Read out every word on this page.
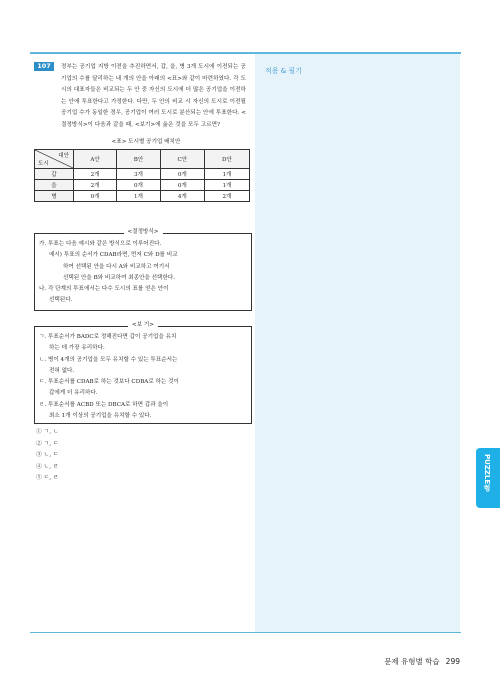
적용 & 필기
107	정부는 공기업 지방 이전을 추진하면서, 갑, 을, 병 3개 도시에 이전되는 공기업의 수를 달리하는 네 개의 안을 아래의 <표>와 같이 마련하였다. 각 도시의 대표자들은 비교되는 두 안 중 자신의 도시에 더 많은 공기업을 이전하는 안에 투표한다고 가정한다. 다만, 두 안의 비교 시 자신의 도시로 이전될 공기업 수가 동일한 경우, 공기업이 여러 도시로 분산되는 안에 투표한다. <결정방식>이 다음과 같을 때, <보기>에 옳은 것을 모두 고르면?
<표> 도시별 공기업 배치안
대안
도시	A안	B안	C안	D안
갑	2개	3개	0개	1개
을	2개	0개	0개	1개
병	0개	1개	4개	2개
<결정방식>
가. 투표는 다음 예시와 같은 방식으로 이루어진다.
예시) 투표의 순서가 CDAB라면, 먼저 C와 D를 비교
하여 선택된 안을 다시 A와 비교하고 여기서
선택된 안을 B와 비교하여 최종안을 선택한다.
나. 각 단계의 투표에서는 다수 도시의 표를 얻은 안이
선택된다.
<보 기>
ㄱ. 투표순서가 BADC로 정해진다면 갑이 공기업을 유치
하는 데 가장 유리하다.
ㄴ. 병이 4개의 공기업을 모두 유치할 수 있는 투표순서는
전혀 없다.
ㄷ. 투표순서를 CDAB로 하는 것보다 CDBA로 하는 것이
갑에게 더 유리하다.
ㄹ. 투표순서를 ACBD 또는 DBCA로 하면 갑과 을이
최소 1개 이상의 공기업을 유치할 수 있다.
① ㄱ, ㄴ
② ㄱ, ㄷ
③ ㄴ, ㄷ
④ ㄴ, ㄹ
⑤ ㄷ, ㄹ	PUZZLE형
문제 유형별 학습 299
